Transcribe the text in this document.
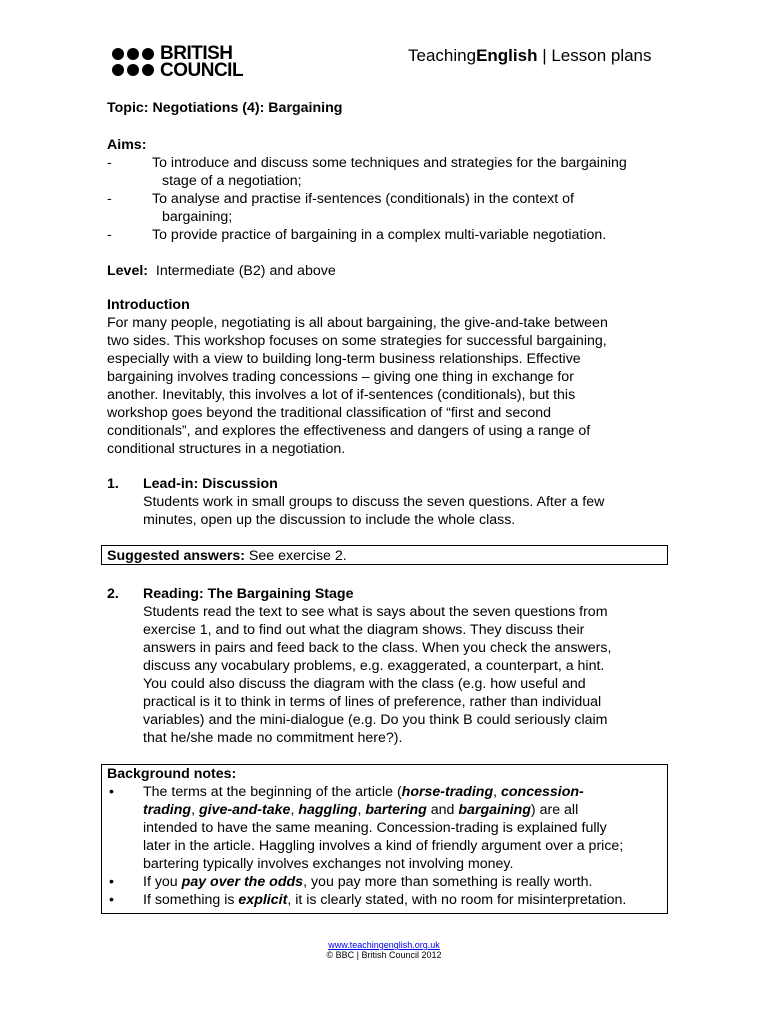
BRITISH
COUNCIL
TeachingEnglish | Lesson plans
Topic: Negotiations (4): Bargaining
Aims:
-	To introduce and discuss some techniques and strategies for the bargaining
stage of a negotiation;
-	To analyse and practise if-sentences (conditionals) in the context of
bargaining;
-	To provide practice of bargaining in a complex multi-variable negotiation.
Level:  Intermediate (B2) and above
Introduction
For many people, negotiating is all about bargaining, the give-and-take between
two sides. This workshop focuses on some strategies for successful bargaining,
especially with a view to building long-term business relationships. Effective
bargaining involves trading concessions – giving one thing in exchange for
another. Inevitably, this involves a lot of if-sentences (conditionals), but this
workshop goes beyond the traditional classification of “first and second
conditionals”, and explores the effectiveness and dangers of using a range of
conditional structures in a negotiation.
1. Lead-in: Discussion
Students work in small groups to discuss the seven questions. After a few
minutes, open up the discussion to include the whole class.
Suggested answers: See exercise 2.
2. Reading: The Bargaining Stage
Students read the text to see what is says about the seven questions from
exercise 1, and to find out what the diagram shows. They discuss their
answers in pairs and feed back to the class. When you check the answers,
discuss any vocabulary problems, e.g. exaggerated, a counterpart, a hint.
You could also discuss the diagram with the class (e.g. how useful and
practical is it to think in terms of lines of preference, rather than individual
variables) and the mini-dialogue (e.g. Do you think B could seriously claim
that he/she made no commitment here?).
Background notes:
• The terms at the beginning of the article (horse-trading, concession-
trading, give-and-take, haggling, bartering and bargaining) are all
intended to have the same meaning. Concession-trading is explained fully
later in the article. Haggling involves a kind of friendly argument over a price;
bartering typically involves exchanges not involving money.
• If you pay over the odds, you pay more than something is really worth.
• If something is explicit, it is clearly stated, with no room for misinterpretation.
www.teachingenglish.org.uk
© BBC | British Council 2012
